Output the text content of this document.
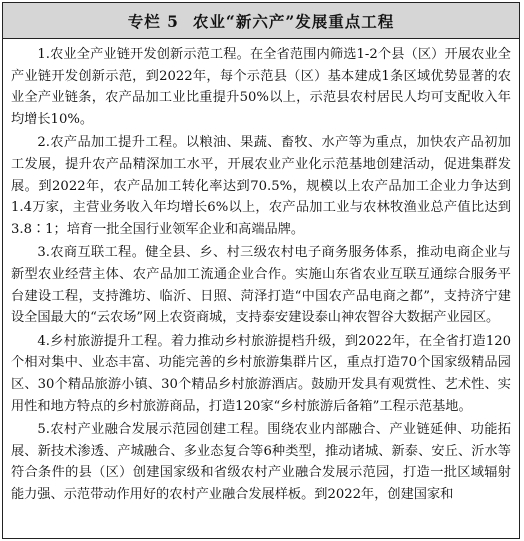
专栏 5 农业“新六产”发展重点工程

1.农业全产业链开发创新示范工程。在全省范围内筛选1-2个县（区）开展农业全产业链开发创新示范，到2022年，每个示范县（区）基本建成1条区域优势显著的农业全产业链条，农产品加工业比重提升50%以上，示范县农村居民人均可支配收入年均增长10%。

2.农产品加工提升工程。以粮油、果蔬、畜牧、水产等为重点，加快农产品初加工发展，提升农产品精深加工水平，开展农业产业化示范基地创建活动，促进集群发展。到2022年，农产品加工转化率达到70.5%，规模以上农产品加工企业力争达到1.4万家，主营业务收入年均增长6%以上，农产品加工业与农林牧渔业总产值比达到3.8∶1；培育一批全国行业领军企业和高端品牌。

3.农商互联工程。健全县、乡、村三级农村电子商务服务体系，推动电商企业与新型农业经营主体、农产品加工流通企业合作。实施山东省农业互联互通综合服务平台建设工程，支持潍坊、临沂、日照、菏泽打造“中国农产品电商之都”，支持济宁建设全国最大的“云农场”网上农资商城，支持泰安建设泰山神农智谷大数据产业园区。

4.乡村旅游提升工程。着力推动乡村旅游提档升级，到2022年，在全省打造120个相对集中、业态丰富、功能完善的乡村旅游集群片区，重点打造70个国家级精品园区、30个精品旅游小镇、30个精品乡村旅游酒店。鼓励开发具有观赏性、艺术性、实用性和地方特点的乡村旅游商品，打造120家“乡村旅游后备箱”工程示范基地。

5.农村产业融合发展示范园创建工程。围绕农业内部融合、产业链延伸、功能拓展、新技术渗透、产城融合、多业态复合等6种类型，推动诸城、新泰、安丘、沂水等符合条件的县（区）创建国家级和省级农村产业融合发展示范园，打造一批区域辐射能力强、示范带动作用好的农村产业融合发展样板。到2022年，创建国家和
